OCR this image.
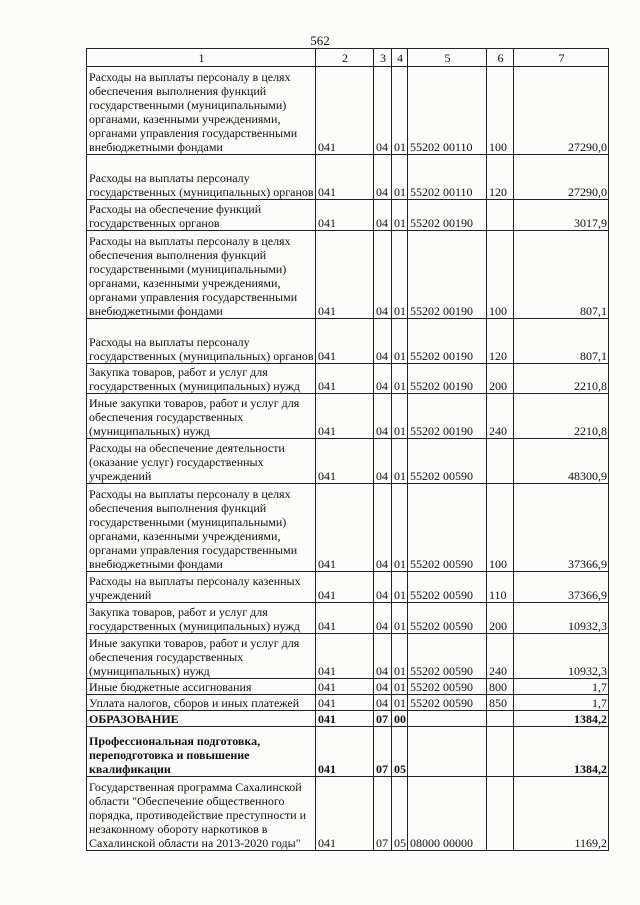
562
1	2	3	4	5	6	7
Расходы на выплаты персоналу в целях обеспечения выполнения функций государственными (муниципальными) органами, казенными учреждениями, органами управления государственными внебюджетными фондами	041	04	01	55202 00110	100	27290,0
Расходы на выплаты персоналу государственных (муниципальных) органов	041	04	01	55202 00110	120	27290,0
Расходы на обеспечение функций государственных органов	041	04	01	55202 00190		3017,9
Расходы на выплаты персоналу в целях обеспечения выполнения функций государственными (муниципальными) органами, казенными учреждениями, органами управления государственными внебюджетными фондами	041	04	01	55202 00190	100	807,1
Расходы на выплаты персоналу государственных (муниципальных) органов	041	04	01	55202 00190	120	807,1
Закупка товаров, работ и услуг для государственных (муниципальных) нужд	041	04	01	55202 00190	200	2210,8
Иные закупки товаров, работ и услуг для обеспечения государственных (муниципальных) нужд	041	04	01	55202 00190	240	2210,8
Расходы на обеспечение деятельности (оказание услуг) государственных учреждений	041	04	01	55202 00590		48300,9
Расходы на выплаты персоналу в целях обеспечения выполнения функций государственными (муниципальными) органами, казенными учреждениями, органами управления государственными внебюджетными фондами	041	04	01	55202 00590	100	37366,9
Расходы на выплаты персоналу казенных учреждений	041	04	01	55202 00590	110	37366,9
Закупка товаров, работ и услуг для государственных (муниципальных) нужд	041	04	01	55202 00590	200	10932,3
Иные закупки товаров, работ и услуг для обеспечения государственных (муниципальных) нужд	041	04	01	55202 00590	240	10932,3
Иные бюджетные ассигнования	041	04	01	55202 00590	800	1,7
Уплата налогов, сборов и иных платежей	041	04	01	55202 00590	850	1,7
ОБРАЗОВАНИЕ	041	07	00			1384,2
Профессиональная подготовка, переподготовка и повышение квалификации	041	07	05			1384,2
Государственная программа Сахалинской области "Обеспечение общественного порядка, противодействие преступности и незаконному обороту наркотиков в Сахалинской области на 2013-2020 годы"	041	07	05	08000 00000		1169,2
